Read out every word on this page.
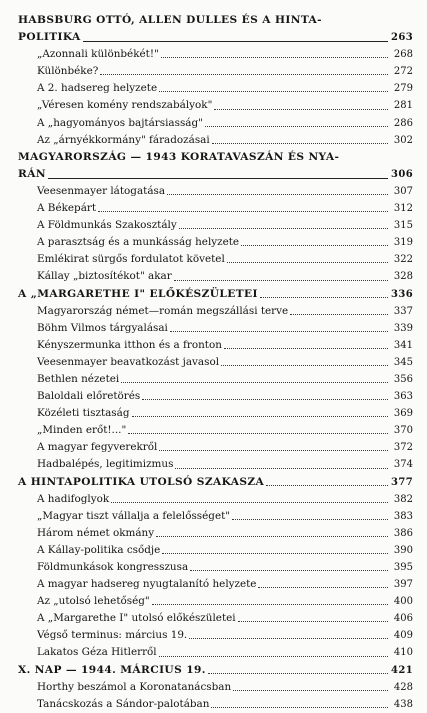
HABSBURG OTTÓ, ALLEN DULLES ÉS A HINTA-
POLITIKA	263
„Azonnali különbékét!"	268
Különbéke?	272
A 2. hadsereg helyzete	279
„Véresen komény rendszabályok"	281
A „hagyományos bajtársiasság"	286
Az „árnyékkormány" fáradozásai	302
MAGYARORSZÁG — 1943 KORATAVASZÁN ÉS NYA-
RÁN	306
Veesenmayer látogatása	307
A Békepárt	312
A Földmunkás Szakosztály	315
A parasztság és a munkásság helyzete	319
Emlékirat sürgős fordulatot követel	322
Kállay „biztosítékot" akar	328
A „MARGARETHE I" ELŐKÉSZÜLETEI	336
Magyarország német—román megszállási terve	337
Böhm Vilmos tárgyalásai	339
Kényszermunka itthon és a fronton	341
Veesenmayer beavatkozást javasol	345
Bethlen nézetei	356
Baloldali előretörés	363
Közéleti tisztaság	369
„Minden erőt!..."	370
A magyar fegyverekről	372
Hadbalépés, legitimizmus	374
A HINTAPOLITIKA UTOLSÓ SZAKASZA	377
A hadifoglyok	382
„Magyar tiszt vállalja a felelősséget"	383
Három német okmány	386
A Kállay-politika csődje	390
Földmunkások kongresszusa	395
A magyar hadsereg nyugtalanító helyzete	397
Az „utolsó lehetőség"	400
A „Margarethe I" utolsó előkészületei	406
Végső terminus: március 19.	409
Lakatos Géza Hitlerről	410
X. NAP — 1944. MÁRCIUS 19.	421
Horthy beszámol a Koronatanácsban	428
Tanácskozás a Sándor-palotában	438
